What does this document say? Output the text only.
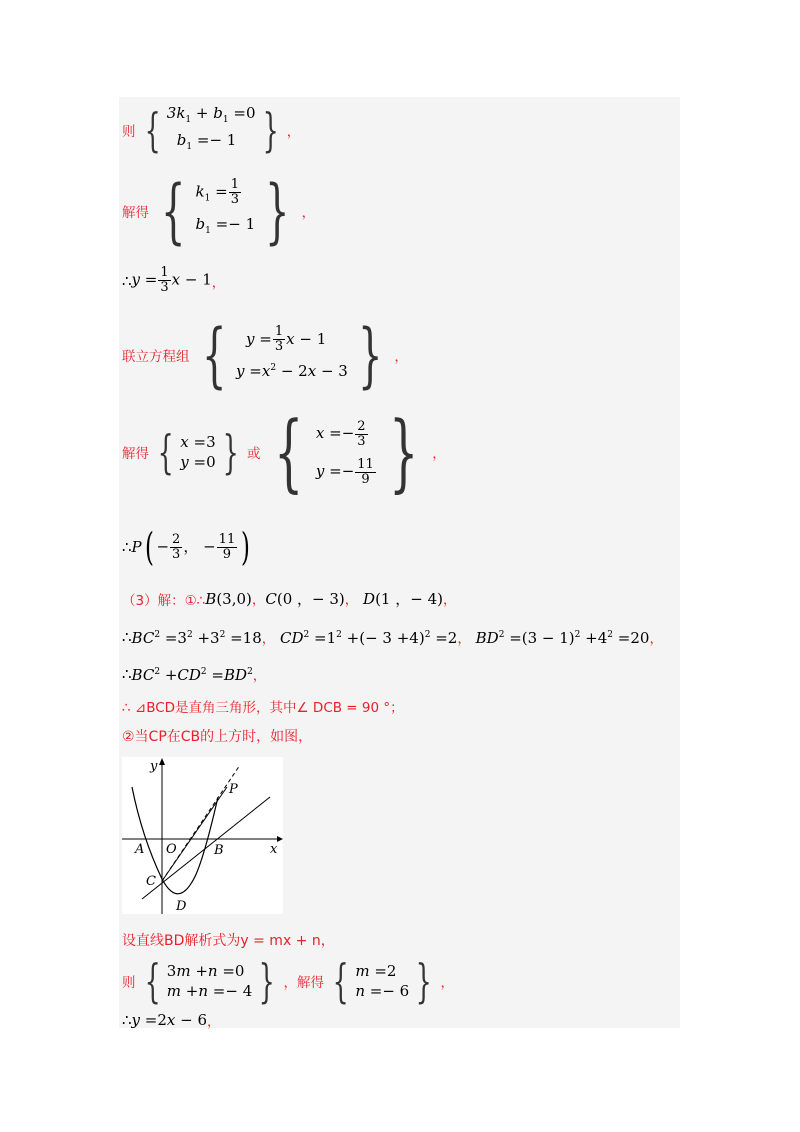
则 { $3k_1 + b_1 =0$
$b_1 =- 1$ { ，
解得 { $k_1 = \frac{1}{3}$
$b_1 =- 1$ { ，
∴ $y = \frac{1}{3}$ x − 1 ，
联立方程组 {	$y = \frac{1}{3}$ x − 1
$y =x^2 - 2x - 3$ { ，
解得 { x =3
y =0 { 或 { $x =- \frac{2}{3}$
$y =- \frac{11}{9}$ { ，
∴ P ( − $\frac{2}{3}$ ， − $\frac{11}{9}$ )
（3）解：①∴ B(3,0)，C(0 ，− 3)， D(1 ，− 4)，
∴ $BC^2 =3^2 +3^2 =18$， $CD^2 =1^2$ +(− 3 +4)$^2$ =2， $BD^2 =(3 - 1)^2 +4^2 =20$，
∴ $BC^2 +CD^2 =BD^2$，
∴ ⊿BCD是直角三角形，其中∠ DCB = 90 °；
②当CP在CB的上方时，如图，
y
x
A O	B
C
D
P
设直线BD解析式为y = mx + n，
则 { 3m +n =0
m +n =− 4 { ，解得 { m =2
n =− 6 { ，
∴ y =2x − 6 ，
